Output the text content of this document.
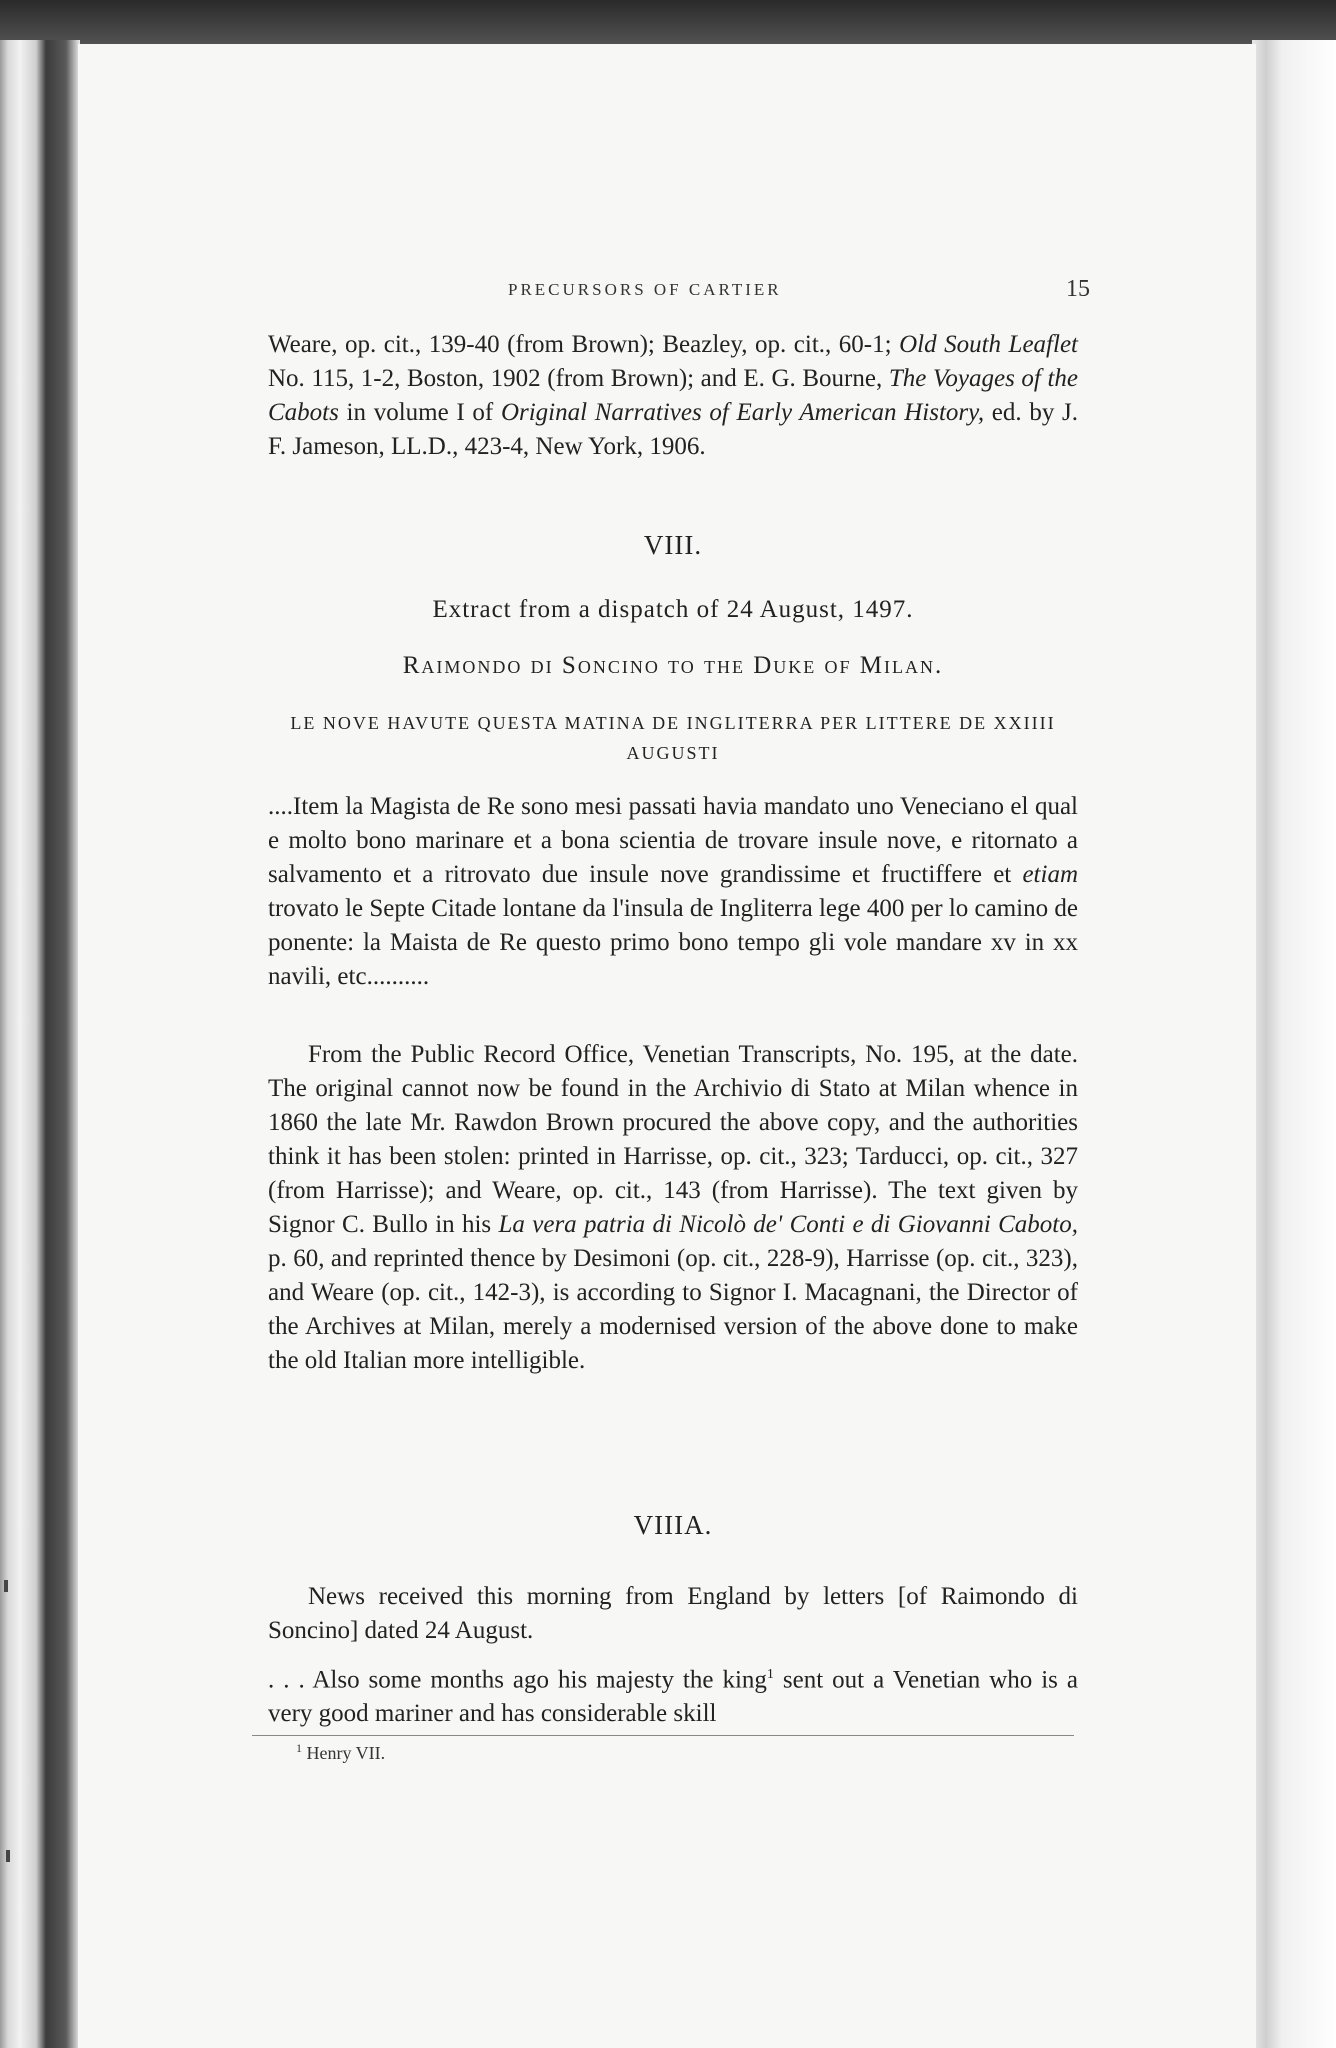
PRECURSORS OF CARTIER	15
Weare, op. cit., 139-40 (from Brown); Beazley, op. cit., 60-1; Old South Leaflet No. 115, 1-2, Boston, 1902 (from Brown); and E. G. Bourne, The Voyages of the Cabots in volume I of Original Narratives of Early American History, ed. by J. F. Jameson, LL.D., 423-4, New York, 1906.
VIII.
Extract from a dispatch of 24 August, 1497.
Raimondo di Soncino to the Duke of Milan.
LE NOVE HAVUTE QUESTA MATINA DE INGLITERRA PER LITTERE DE XXIIII AUGUSTI
....Item la Magista de Re sono mesi passati havia mandato uno Veneciano el qual e molto bono marinare et a bona scientia de trovare insule nove, e ritornato a salvamento et a ritrovato due insule nove grandissime et fructiffere et etiam trovato le Septe Citade lontane da l'insula de Ingliterra lege 400 per lo camino de ponente: la Maista de Re questo primo bono tempo gli vole mandare xv in xx navili, etc..........
From the Public Record Office, Venetian Transcripts, No. 195, at the date. The original cannot now be found in the Archivio di Stato at Milan whence in 1860 the late Mr. Rawdon Brown procured the above copy, and the authorities think it has been stolen: printed in Harrisse, op. cit., 323; Tarducci, op. cit., 327 (from Harrisse); and Weare, op. cit., 143 (from Harrisse). The text given by Signor C. Bullo in his La vera patria di Nicolò de' Conti e di Giovanni Caboto, p. 60, and reprinted thence by Desimoni (op. cit., 228-9), Harrisse (op. cit., 323), and Weare (op. cit., 142-3), is according to Signor I. Macagnani, the Director of the Archives at Milan, merely a modernised version of the above done to make the old Italian more intelligible.
VIIIA.
News received this morning from England by letters [of Raimondo di Soncino] dated 24 August.
. . . Also some months ago his majesty the king$^1$ sent out a Venetian who is a very good mariner and has considerable skill
$^1$ Henry VII.
